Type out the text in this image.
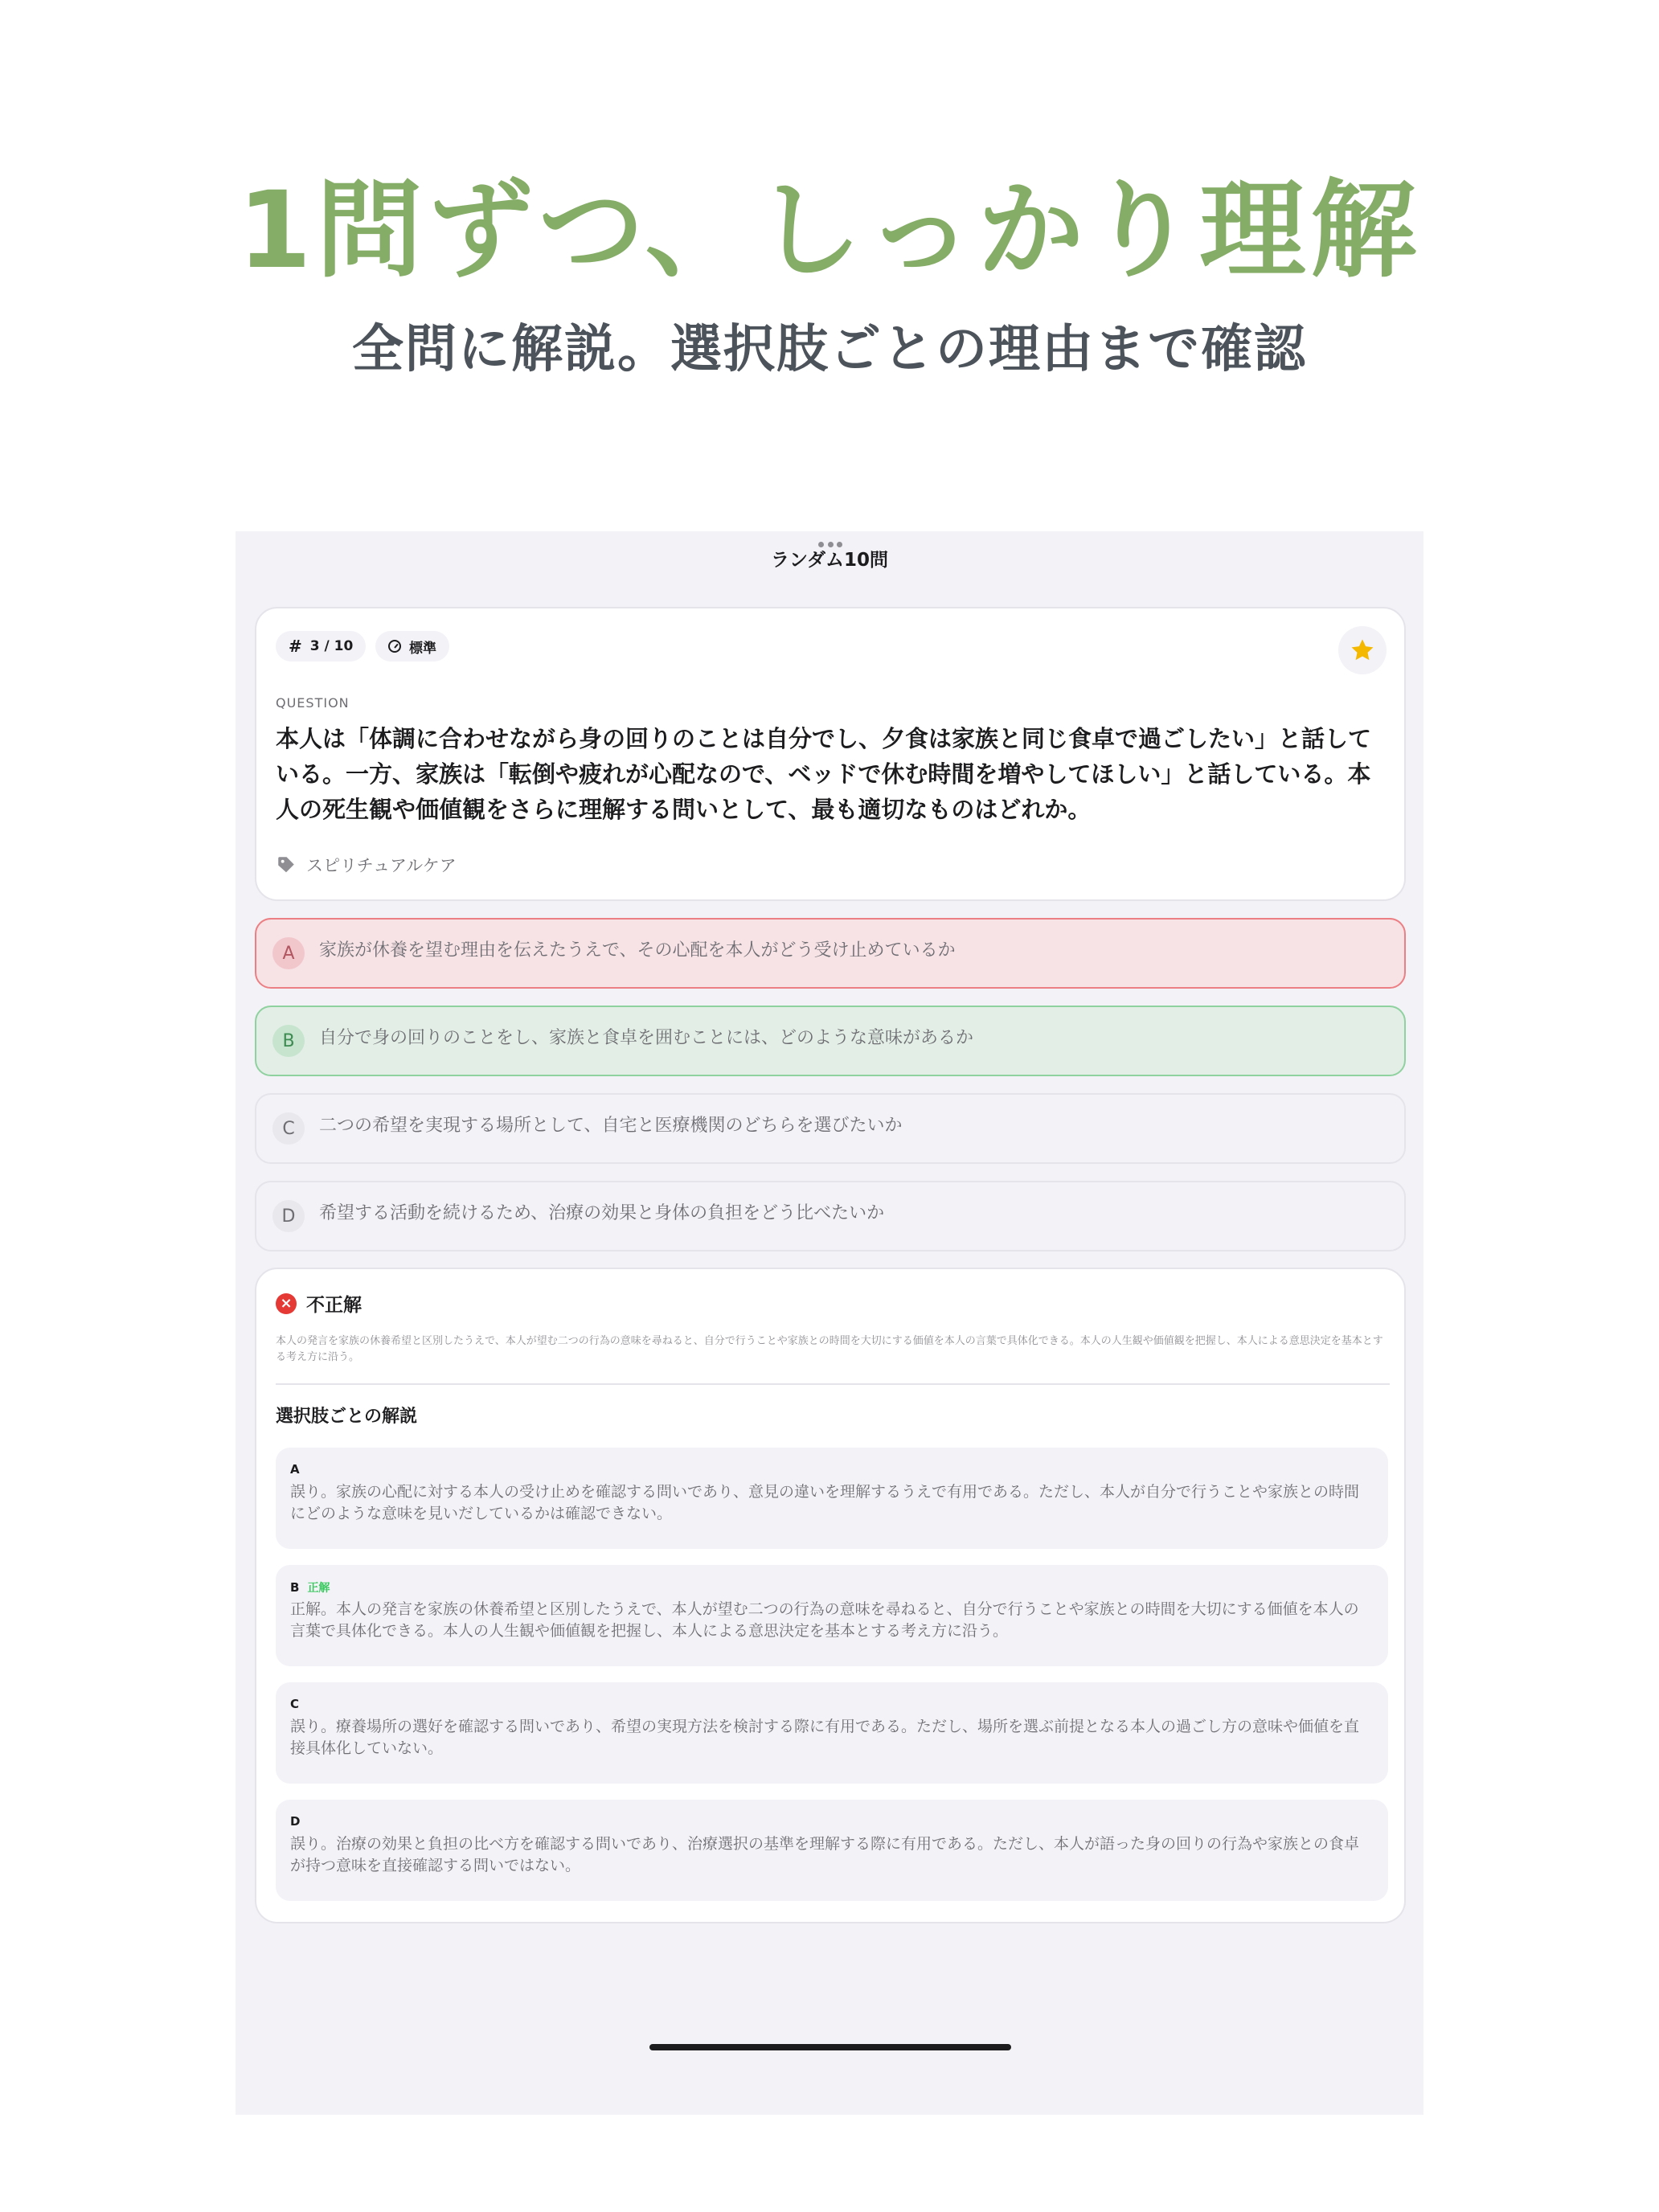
1問ずつ、しっかり理解
全問に解説。選択肢ごとの理由まで確認
ランダム10問
# 3 / 10	標準
QUESTION
本人は「体調に合わせながら身の回りのことは自分でし、夕食は家族と同じ食卓で過ごしたい」と話している。一方、家族は「転倒や疲れが心配なので、ベッドで休む時間を増やしてほしい」と話している。本人の死生観や価値観をさらに理解する問いとして、最も適切なものはどれか。
スピリチュアルケア
A	家族が休養を望む理由を伝えたうえで、その心配を本人がどう受け止めているか
B	自分で身の回りのことをし、家族と食卓を囲むことには、どのような意味があるか
C	二つの希望を実現する場所として、自宅と医療機関のどちらを選びたいか
D	希望する活動を続けるため、治療の効果と身体の負担をどう比べたいか
× 不正解
本人の発言を家族の休養希望と区別したうえで、本人が望む二つの行為の意味を尋ねると、自分で行うことや家族との時間を大切にする価値を本人の言葉で具体化できる。本人の人生観や価値観を把握し、本人による意思決定を基本とする考え方に沿う。
選択肢ごとの解説
A
誤り。家族の心配に対する本人の受け止めを確認する問いであり、意見の違いを理解するうえで有用である。ただし、本人が自分で行うことや家族との時間にどのような意味を見いだしているかは確認できない。
B 正解
正解。本人の発言を家族の休養希望と区別したうえで、本人が望む二つの行為の意味を尋ねると、自分で行うことや家族との時間を大切にする価値を本人の言葉で具体化できる。本人の人生観や価値観を把握し、本人による意思決定を基本とする考え方に沿う。
C
誤り。療養場所の選好を確認する問いであり、希望の実現方法を検討する際に有用である。ただし、場所を選ぶ前提となる本人の過ごし方の意味や価値を直接具体化していない。
D
誤り。治療の効果と負担の比べ方を確認する問いであり、治療選択の基準を理解する際に有用である。ただし、本人が語った身の回りの行為や家族との食卓が持つ意味を直接確認する問いではない。
